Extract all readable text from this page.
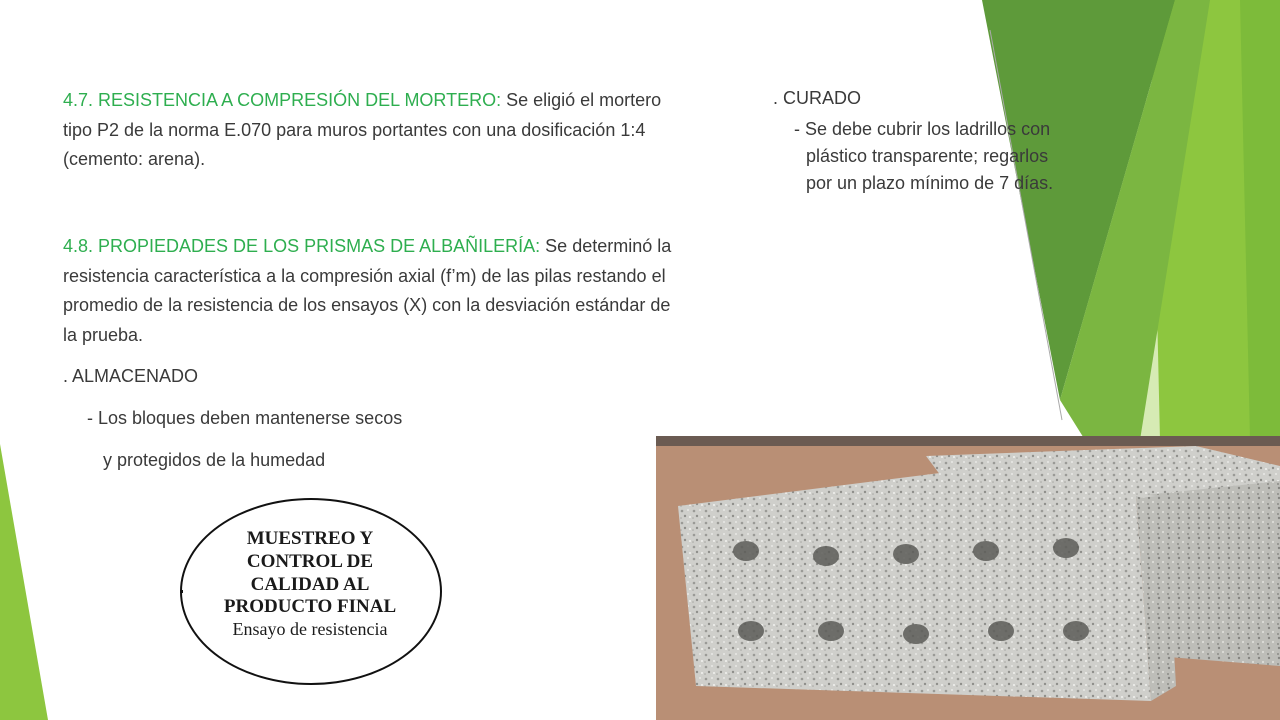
4.7. RESISTENCIA A COMPRESIÓN DEL MORTERO: Se eligió el mortero tipo P2 de la norma E.070 para muros portantes con una dosificación 1:4 (cemento: arena).
4.8. PROPIEDADES DE LOS PRISMAS DE ALBAÑILERÍA: Se determinó la resistencia característica a la compresión axial (f’m) de las pilas restando el promedio de la resistencia de los ensayos (X) con la desviación estándar de la prueba.
. ALMACENADO
- Los bloques deben mantenerse secos
y protegidos de la humedad
. CURADO
- Se debe cubrir los ladrillos con
plástico transparente; regarlos
por un plazo mínimo de 7 días.
MUESTREO Y
CONTROL DE
CALIDAD AL
PRODUCTO FINAL
Ensayo de resistencia
